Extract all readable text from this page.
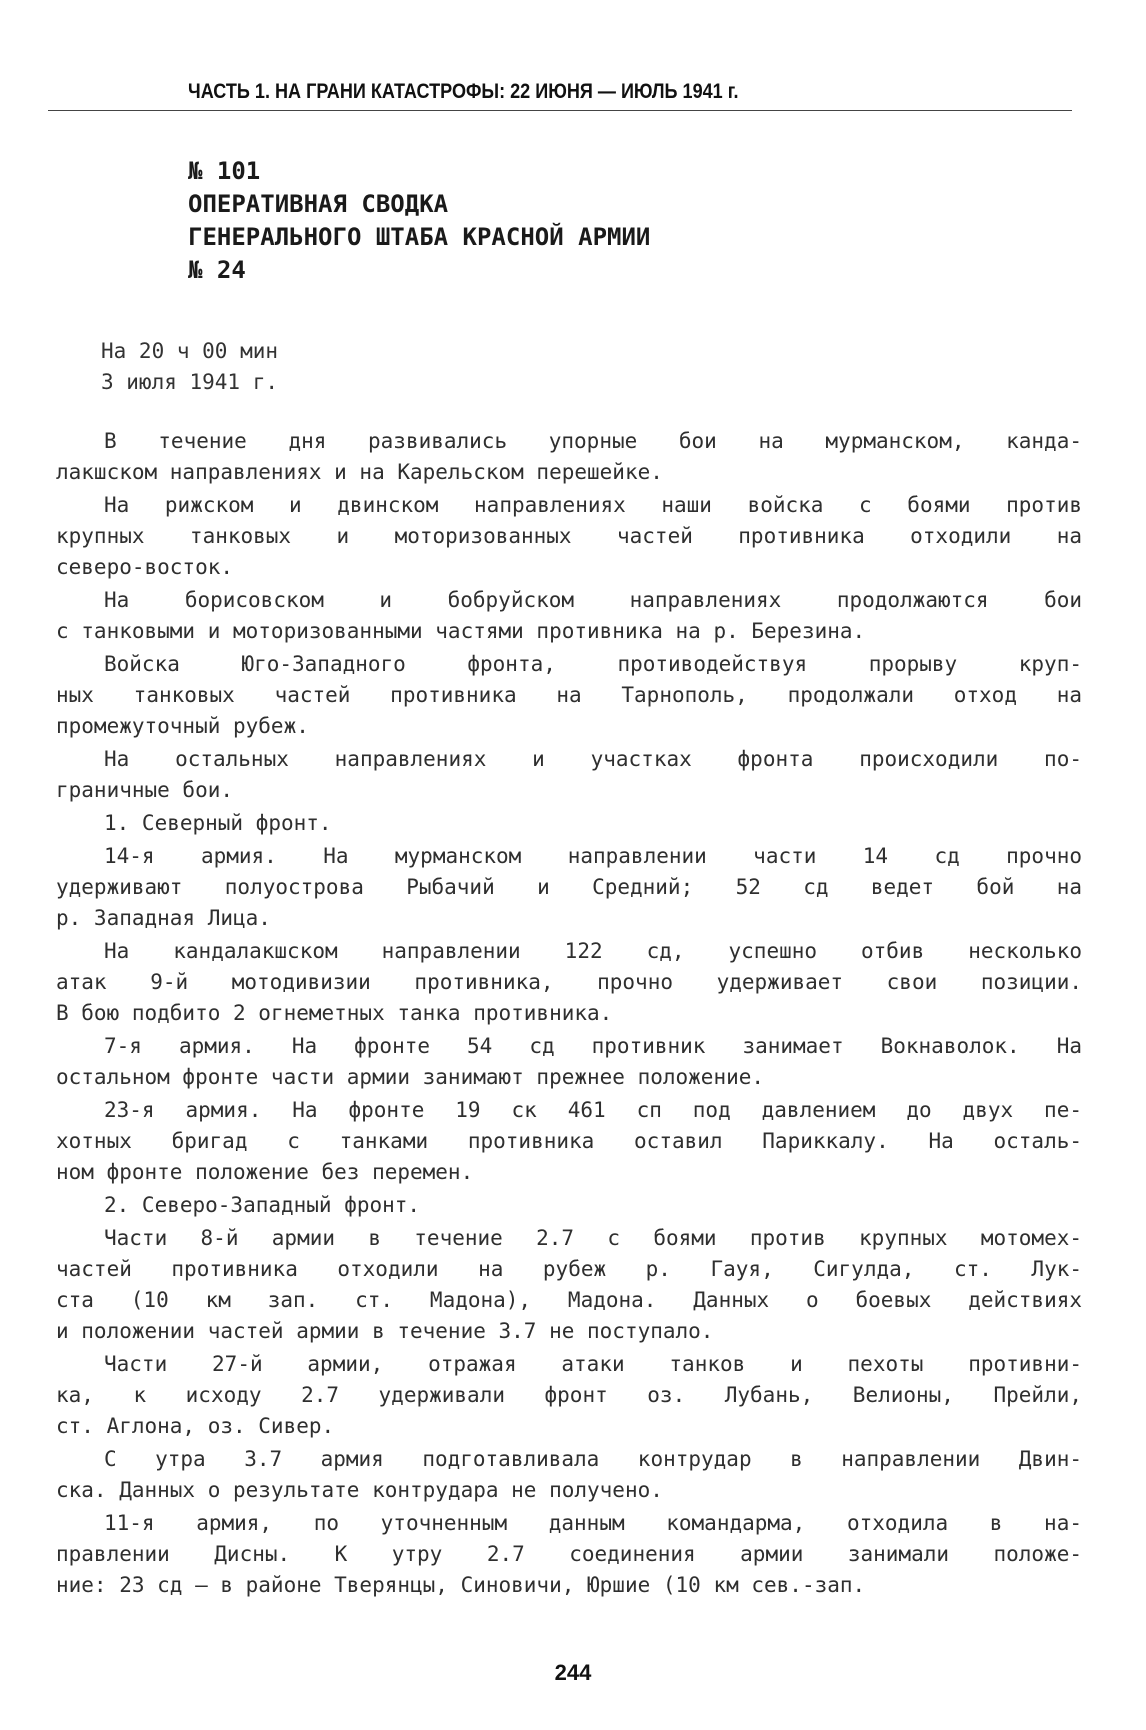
ЧАСТЬ 1. НА ГРАНИ КАТАСТРОФЫ: 22 ИЮНЯ — ИЮЛЬ 1941 г.
№ 101
ОПЕРАТИВНАЯ СВОДКА
ГЕНЕРАЛЬНОГО ШТАБА КРАСНОЙ АРМИИ
№ 24
На 20 ч 00 мин
3 июля 1941 г.
В течение дня развивались упорные бои на мурманском, канда-
лакшском направлениях и на Карельском перешейке.
На рижском и двинском направлениях наши войска с боями против
крупных танковых и моторизованных частей противника отходили на
северо-восток.
На борисовском и бобруйском направлениях продолжаются бои
с танковыми и моторизованными частями противника на р. Березина.
Войска Юго-Западного фронта, противодействуя прорыву круп-
ных танковых частей противника на Тарнополь, продолжали отход на
промежуточный рубеж.
На остальных направлениях и участках фронта происходили по-
граничные бои.
1. Северный фронт.
14-я армия. На мурманском направлении части 14 сд прочно
удерживают полуострова Рыбачий и Средний; 52 сд ведет бой на
р. Западная Лица.
На кандалакшском направлении 122 сд, успешно отбив несколько
атак 9-й мотодивизии противника, прочно удерживает свои позиции.
В бою подбито 2 огнеметных танка противника.
7-я армия. На фронте 54 сд противник занимает Вокнаволок. На
остальном фронте части армии занимают прежнее положение.
23-я армия. На фронте 19 ск 461 сп под давлением до двух пе-
хотных бригад с танками противника оставил Париккалу. На осталь-
ном фронте положение без перемен.
2. Северо-Западный фронт.
Части 8-й армии в течение 2.7 с боями против крупных мотомех-
частей противника отходили на рубеж р. Гауя, Сигулда, ст. Лук-
ста (10 км зап. ст. Мадона), Мадона. Данных о боевых действиях
и положении частей армии в течение 3.7 не поступало.
Части 27-й армии, отражая атаки танков и пехоты противни-
ка, к исходу 2.7 удерживали фронт оз. Лубань, Велионы, Прейли,
ст. Аглона, оз. Сивер.
С утра 3.7 армия подготавливала контрудар в направлении Двин-
ска. Данных о результате контрудара не получено.
11-я армия, по уточненным данным командарма, отходила в на-
правлении Дисны. К утру 2.7 соединения армии занимали положе-
ние: 23 сд – в районе Тверянцы, Синовичи, Юршие (10 км сев.-зап.
244
